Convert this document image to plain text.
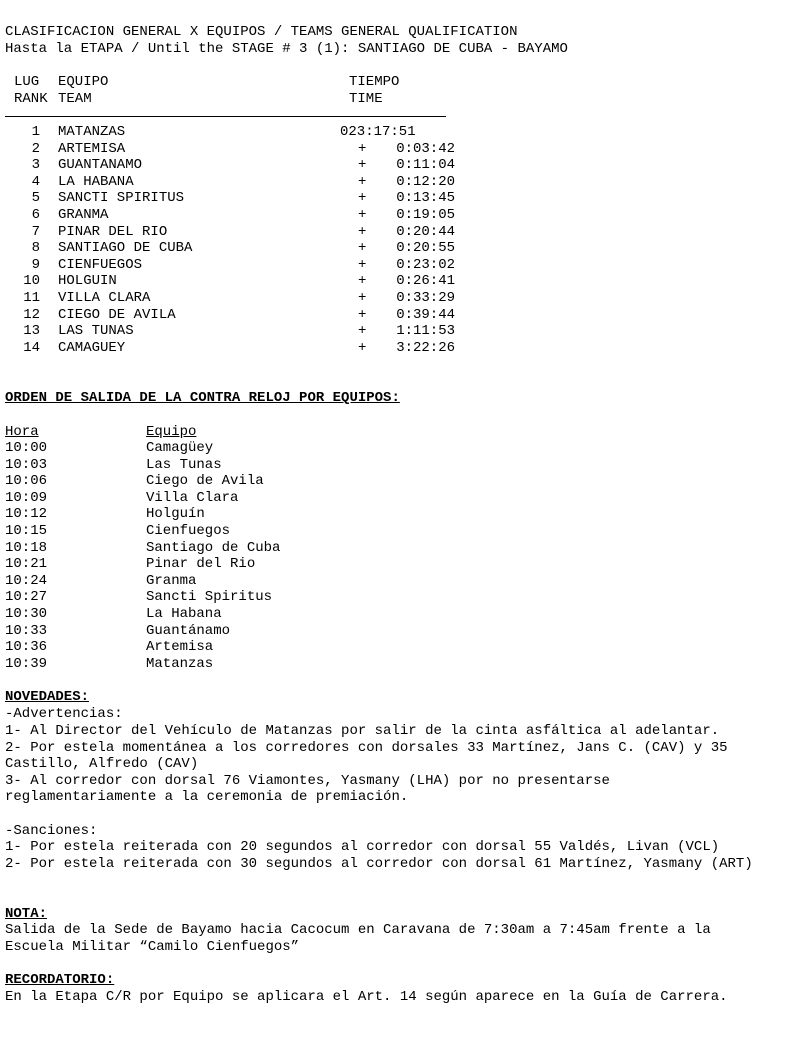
CLASIFICACION GENERAL X EQUIPOS / TEAMS GENERAL QUALIFICATION
Hasta la ETAPA / Until the STAGE # 3 (1): SANTIAGO DE CUBA - BAYAMO
LUG EQUIPO	TIEMPO
RANK TEAM	TIME
1 MATANZAS	023:17:51
2 ARTEMISA	+ 0:03:42
3 GUANTANAMO	+ 0:11:04
4 LA HABANA	+ 0:12:20
5 SANCTI SPIRITUS	+ 0:13:45
6 GRANMA	+ 0:19:05
7 PINAR DEL RIO	+ 0:20:44
8 SANTIAGO DE CUBA	+ 0:20:55
9 CIENFUEGOS	+ 0:23:02
10 HOLGUIN	+ 0:26:41
11 VILLA CLARA	+ 0:33:29
12 CIEGO DE AVILA	+ 0:39:44
13 LAS TUNAS	+ 1:11:53
14 CAMAGUEY	+ 3:22:26
ORDEN DE SALIDA DE LA CONTRA RELOJ POR EQUIPOS:
Hora	Equipo
10:00	Camagüey
10:03	Las Tunas
10:06	Ciego de Avila
10:09	Villa Clara
10:12	Holguín
10:15	Cienfuegos
10:18	Santiago de Cuba
10:21	Pinar del Rio
10:24	Granma
10:27	Sancti Spiritus
10:30	La Habana
10:33	Guantánamo
10:36	Artemisa
10:39	Matanzas
NOVEDADES:
-Advertencias:
1- Al Director del Vehículo de Matanzas por salir de la cinta asfáltica al adelantar.
2- Por estela momentánea a los corredores con dorsales 33 Martínez, Jans C. (CAV) y 35
Castillo, Alfredo (CAV)
3- Al corredor con dorsal 76 Viamontes, Yasmany (LHA) por no presentarse
reglamentariamente a la ceremonia de premiación.
-Sanciones:
1- Por estela reiterada con 20 segundos al corredor con dorsal 55 Valdés, Livan (VCL)
2- Por estela reiterada con 30 segundos al corredor con dorsal 61 Martínez, Yasmany (ART)
NOTA:
Salida de la Sede de Bayamo hacia Cacocum en Caravana de 7:30am a 7:45am frente a la
Escuela Militar “Camilo Cienfuegos”
RECORDATORIO:
En la Etapa C/R por Equipo se aplicara el Art. 14 según aparece en la Guía de Carrera.
